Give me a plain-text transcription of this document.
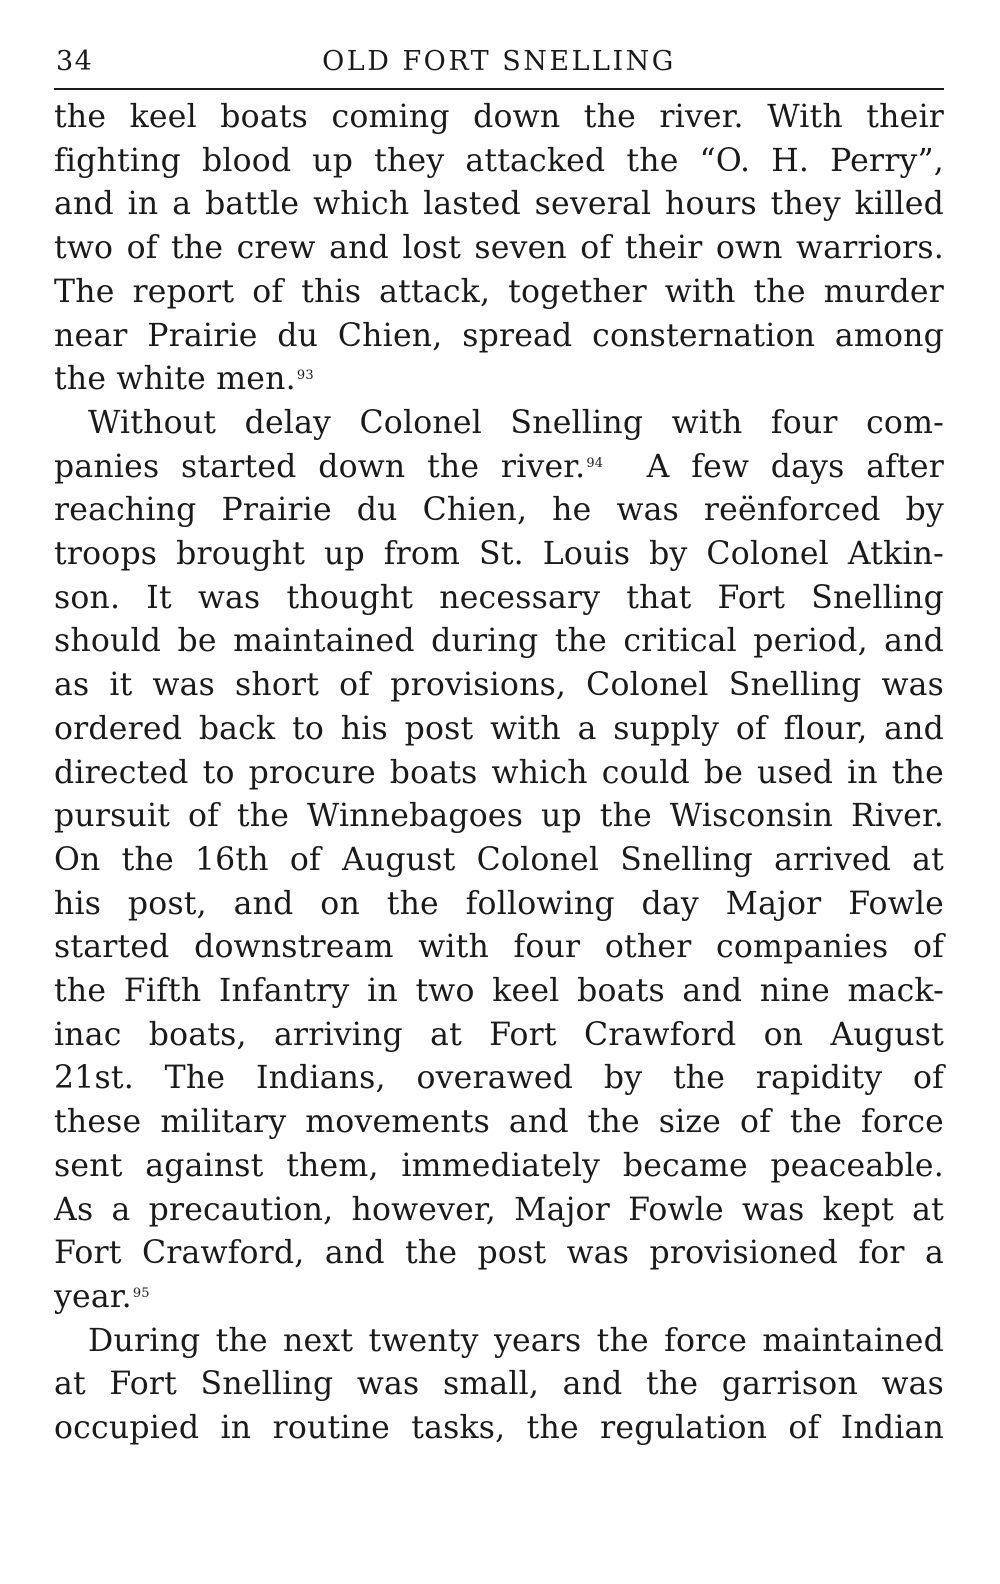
34	OLD FORT SNELLING

the keel boats coming down the river. With their
fighting blood up they attacked the “O. H. Perry”,
and in a battle which lasted several hours they killed
two of the crew and lost seven of their own warriors.
The report of this attack, together with the murder
near Prairie du Chien, spread consternation among
the white men.$^{93}$

Without delay Colonel Snelling with four com-
panies started down the river.$^{94}$  A few days after
reaching Prairie du Chien, he was reënforced by
troops brought up from St. Louis by Colonel Atkin-
son. It was thought necessary that Fort Snelling
should be maintained during the critical period, and
as it was short of provisions, Colonel Snelling was
ordered back to his post with a supply of flour, and
directed to procure boats which could be used in the
pursuit of the Winnebagoes up the Wisconsin River.
On the 16th of August Colonel Snelling arrived at
his post, and on the following day Major Fowle
started downstream with four other companies of
the Fifth Infantry in two keel boats and nine mack-
inac boats, arriving at Fort Crawford on August
21st. The Indians, overawed by the rapidity of
these military movements and the size of the force
sent against them, immediately became peaceable.
As a precaution, however, Major Fowle was kept at
Fort Crawford, and the post was provisioned for a
year.$^{95}$

During the next twenty years the force maintained
at Fort Snelling was small, and the garrison was
occupied in routine tasks, the regulation of Indian
